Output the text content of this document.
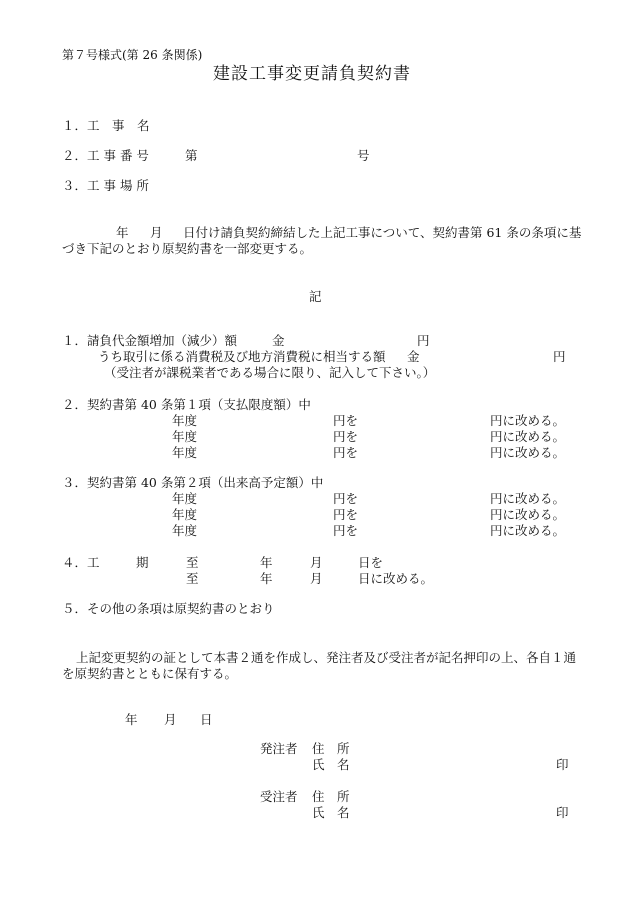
第７号様式(第 26 条関係)
建設工事変更請負契約書
１．工　事　名
２．工 事 番 号	第	号
３．工 事 場 所
年 月 日付け請負契約締結した上記工事について、契約書第 61 条の条項に基
づき下記のとおり原契約書を一部変更する。
記
１．請負代金額増加（減少）額	金	円
うち取引に係る消費税及び地方消費税に相当する額 金	円
（受注者が課税業者である場合に限り、記入して下さい。）
２．契約書第 40 条第１項（支払限度額）中
年度	円を	円に改める。
年度	円を	円に改める。
年度	円を	円に改める。
３．契約書第 40 条第２項（出来高予定額）中
年度	円を	円に改める。
年度	円を	円に改める。
年度	円を	円に改める。
４．工	期	至	年	月	日を
至	年	月	日に改める。
５．その他の条項は原契約書のとおり
上記変更契約の証として本書２通を作成し、発注者及び受注者が記名押印の上、各自１通
を原契約書とともに保有する。
年 月 日
発注者 住　所
氏　名	印
受注者 住　所
氏　名	印
